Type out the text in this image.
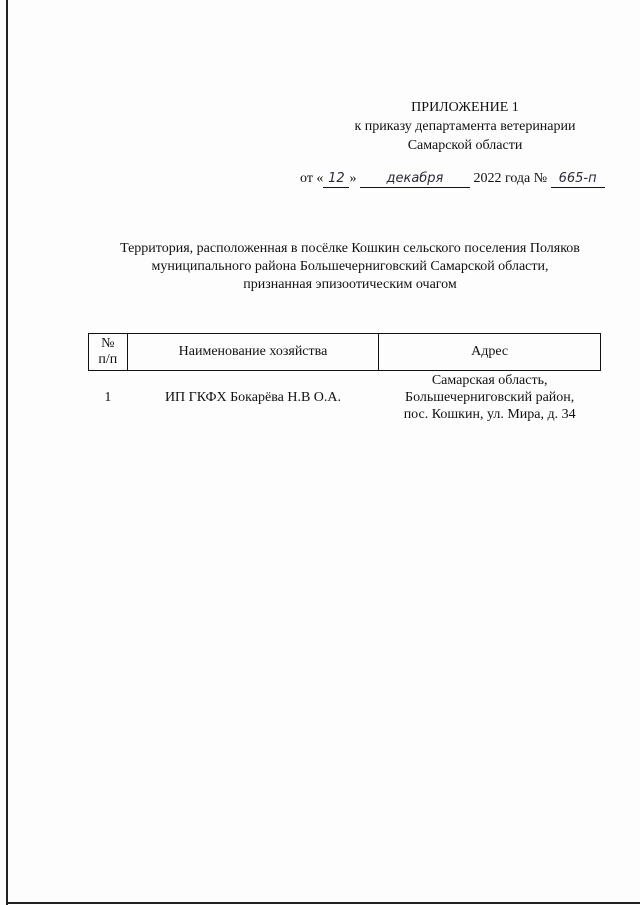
ПРИЛОЖЕНИЕ 1
к приказу департамента ветеринарии
Самарской области
от « 12 » декабря 2022 года № 665-п
Территория, расположенная в посёлке Кошкин сельского поселения Поляков
муниципального района Большечерниговский Самарской области,
признанная эпизоотическим очагом
№
п/п	Наименование хозяйства	Адрес
1	ИП ГКФХ Бокарёва Н.В О.А.	Самарская область,
Большечерниговский район,
пос. Кошкин, ул. Мира, д. 34
